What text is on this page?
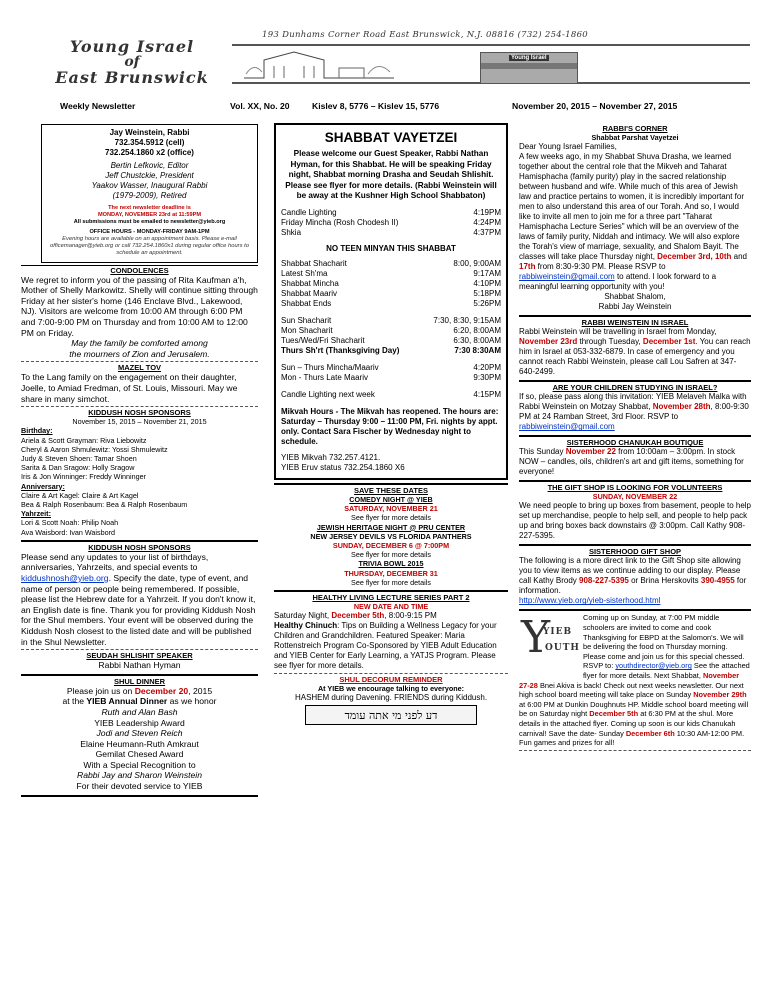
Young Israel
of
East Brunswick
Young Israel
193 Dunhams Corner Road East Brunswick, N.J. 08816 (732) 254-1860
Weekly Newsletter	Vol. XX, No. 20	Kislev 8, 5776 – Kislev 15, 5776	November 20, 2015 – November 27, 2015
Jay Weinstein, Rabbi
732.354.5912 (cell)
732.254.1860 x2 (office)
Bertin Lefkovic, Editor
Jeff Chustckie, President
Yaakov Wasser, Inaugural Rabbi
(1979-2009), Retired
The next newsletter deadline is
MONDAY, NOVEMBER 23rd at 11:59PM
All submissions must be emailed to newsletter@yieb.org
OFFICE HOURS - MONDAY-FRIDAY 9AM-1PM
Evening hours are available on an appointment basis. Please e-mail officemanager@yieb.org or call 732.254.1860x1 during regular office hours to schedule an appointment.
CONDOLENCES
We regret to inform you of the passing of Rita Kaufman a'h, Mother of Shelly Markowitz. Shelly will continue sitting through Friday at her sister's home (146 Enclave Blvd., Lakewood, NJ). Visitors are welcome from 10:00 AM through 6:00 PM and 7:00-9:00 PM on Thursday and from 10:00 AM to 12:00 PM on Friday.
May the family be comforted among
the mourners of Zion and Jerusalem.
MAZEL TOV
To the Lang family on the engagement on their daughter, Joelle, to Amiad Fredman, of St. Louis, Missouri. May we share in many simchot.
KIDDUSH NOSH SPONSORS
November 15, 2015 – November 21, 2015
Birthday:
Ariela & Scott Grayman: Riva Liebowitz
Cheryl & Aaron Shmulewitz: Yossi Shmulewitz
Judy & Steven Shoen: Tamar Shoen
Sarita & Dan Sragow: Holly Sragow
Iris & Jon Winninger: Freddy Winninger
Anniversary:
Claire & Art Kagel: Claire & Art Kagel
Bea & Ralph Rosenbaum: Bea & Ralph Rosenbaum
Yahrzeit:
Lori & Scott Noah: Philip Noah
Ava Waisbord: Ivan Waisbord
KIDDUSH NOSH SPONSORS
Please send any updates to your list of birthdays, anniversaries, Yahrzeits, and special events to kiddushnosh@yieb.org. Specify the date, type of event, and name of person or people being remembered. If possible, please list the Hebrew date for a Yahrzeit. If you don't know it, an English date is fine. Thank you for providing Kiddush Nosh for the Shul members. Your event will be observed during the Kiddush Nosh closest to the listed date and will be published in the Shul Newsletter.
SEUDAH SHLISHIT SPEAKER
Rabbi Nathan Hyman
SHUL DINNER
Please join us on December 20, 2015
at the YIEB Annual Dinner as we honor
Ruth and Alan Bash
YIEB Leadership Award
Jodi and Steven Reich
Elaine Heumann-Ruth Amkraut
Gemilat Chesed Award
With a Special Recognition to
Rabbi Jay and Sharon Weinstein
For their devoted service to YIEB
SHABBAT VAYETZEI
Please welcome our Guest Speaker, Rabbi Nathan Hyman, for this Shabbat. He will be speaking Friday night, Shabbat morning Drasha and Seudah Shlishit. Please see flyer for more details. (Rabbi Weinstein will be away at the Kushner High School Shabbaton)
Candle Lighting	4:19PM
Friday Mincha (Rosh Chodesh II)	4:24PM
Shkia	4:37PM
NO TEEN MINYAN THIS SHABBAT
Shabbat Shacharit	8:00, 9:00AM
Latest Sh'ma	9:17AM
Shabbat Mincha	4:10PM
Shabbat Maariv	5:18PM
Shabbat Ends	5:26PM
Sun Shacharit	7:30, 8:30, 9:15AM
Mon Shacharit	6:20, 8:00AM
Tues/Wed/Fri Shacharit	6:30, 8:00AM
Thurs Sh'rt (Thanksgiving Day)	7:30 8:30AM
Sun – Thurs Mincha/Maariv	4:20PM
Mon - Thurs Late Maariv	9:30PM
Candle Lighting next week	4:15PM
Mikvah Hours - The Mikvah has reopened. The hours are: Saturday – Thursday 9:00 – 11:00 PM, Fri. nights by appt. only. Contact Sara Fischer by Wednesday night to schedule.
YIEB Mikvah 732.257.4121.
YIEB Eruv status 732.254.1860 X6
SAVE THESE DATES
COMEDY NIGHT @ YIEB
SATURDAY, NOVEMBER 21
See flyer for more details
JEWISH HERITAGE NIGHT @ PRU CENTER
NEW JERSEY DEVILS VS FLORIDA PANTHERS
SUNDAY, DECEMBER 6 @ 7:00PM
See flyer for more details
TRIVIA BOWL 2015
THURSDAY, DECEMBER 31
See flyer for more details
HEALTHY LIVING LECTURE SERIES PART 2
NEW DATE AND TIME
Saturday Night, December 5th, 8:00-9:15 PM
Healthy Chinuch: Tips on Building a Wellness Legacy for your Children and Grandchildren. Featured Speaker: Maria Rottenstreich Program Co-Sponsored by YIEB Adult Education and YIEB Center for Early Learning, a YATJS Program. Please see flyer for more details.
SHUL DECORUM REMINDER
At YIEB we encourage talking to everyone:
HASHEM during Davening. FRIENDS during Kiddush.
דע לפני מי אתה עומד
RABBI'S CORNER
Shabbat Parshat Vayetzei
Dear Young Israel Families,
A few weeks ago, in my Shabbat Shuva Drasha, we learned together about the central role that the Mikveh and Taharat Hamisphacha (family purity) play in the sacred relationship between husband and wife. While much of this area of Jewish law and practice pertains to women, it is incredibly important for men to also understand this area of our Torah. And so, I would like to invite all men to join me for a three part "Taharat Hamisphacha Lecture Series" which will be an overview of the laws of family purity, Niddah and intimacy. We will also explore the Torah's view of marriage, sexuality, and Shalom Bayit. The classes will take place Thursday night, December 3rd, 10th and 17th from 8:30-9:30 PM. Please RSVP to rabbiweinstein@gmail.com to attend. I look forward to a meaningful learning opportunity with you!
Shabbat Shalom,
Rabbi Jay Weinstein
RABBI WEINSTEIN IN ISRAEL
Rabbi Weinstein will be travelling in Israel from Monday, November 23rd through Tuesday, December 1st. You can reach him in Israel at 053-332-6879. In case of emergency and you cannot reach Rabbi Weinstein, please call Lou Safren at 347-640-2499.
ARE YOUR CHILDREN STUDYING IN ISRAEL?
If so, please pass along this invitation: YIEB Melaveh Malka with Rabbi Weinstein on Motzay Shabbat, November 28th, 8:00-9:30 PM at 24 Ramban Street, 3rd Floor. RSVP to rabbiweinstein@gmail.com
SISTERHOOD CHANUKAH BOUTIQUE
This Sunday November 22 from 10:00am – 3:00pm. In stock NOW – candles, oils, children's art and gift items, something for everyone!
THE GIFT SHOP IS LOOKING FOR VOLUNTEERS
SUNDAY, NOVEMBER 22
We need people to bring up boxes from basement, people to help set up merchandise, people to help sell, and people to help pack up and bring boxes back downstairs @ 3:00pm. Call Kathy 908-227-5395.
SISTERHOOD GIFT SHOP
The following is a more direct link to the Gift Shop site allowing you to view items as we continue adding to our display. Please call Kathy Brody 908-227-5395 or Brina Herskovits 390-4955 for information.
http://www.yieb.org/yieb-sisterhood.html
Y
YIEB
OUTH
Coming up on Sunday, at 7:00 PM middle schoolers are invited to come and cook Thanksgiving for EBPD at the Salomon's. We will be delivering the food on Thursday morning. Please come and join us for this special chessed. RSVP to: youthdirector@yieb.org See the attached flyer for more details. Next Shabbat, November 27-28 Bnei Akiva is back! Check out next weeks newsletter. Our next high school board meeting will take place on Sunday November 29th at 6:00 PM at Dunkin Doughnuts HP. Middle school board meeting will be on Saturday night December 5th at 6:30 PM at the shul. More details in the attached flyer. Coming up soon is our kids Chanukah carnival! Save the date- Sunday December 6th 10:30 AM-12:00 PM. Fun games and prizes for all!
